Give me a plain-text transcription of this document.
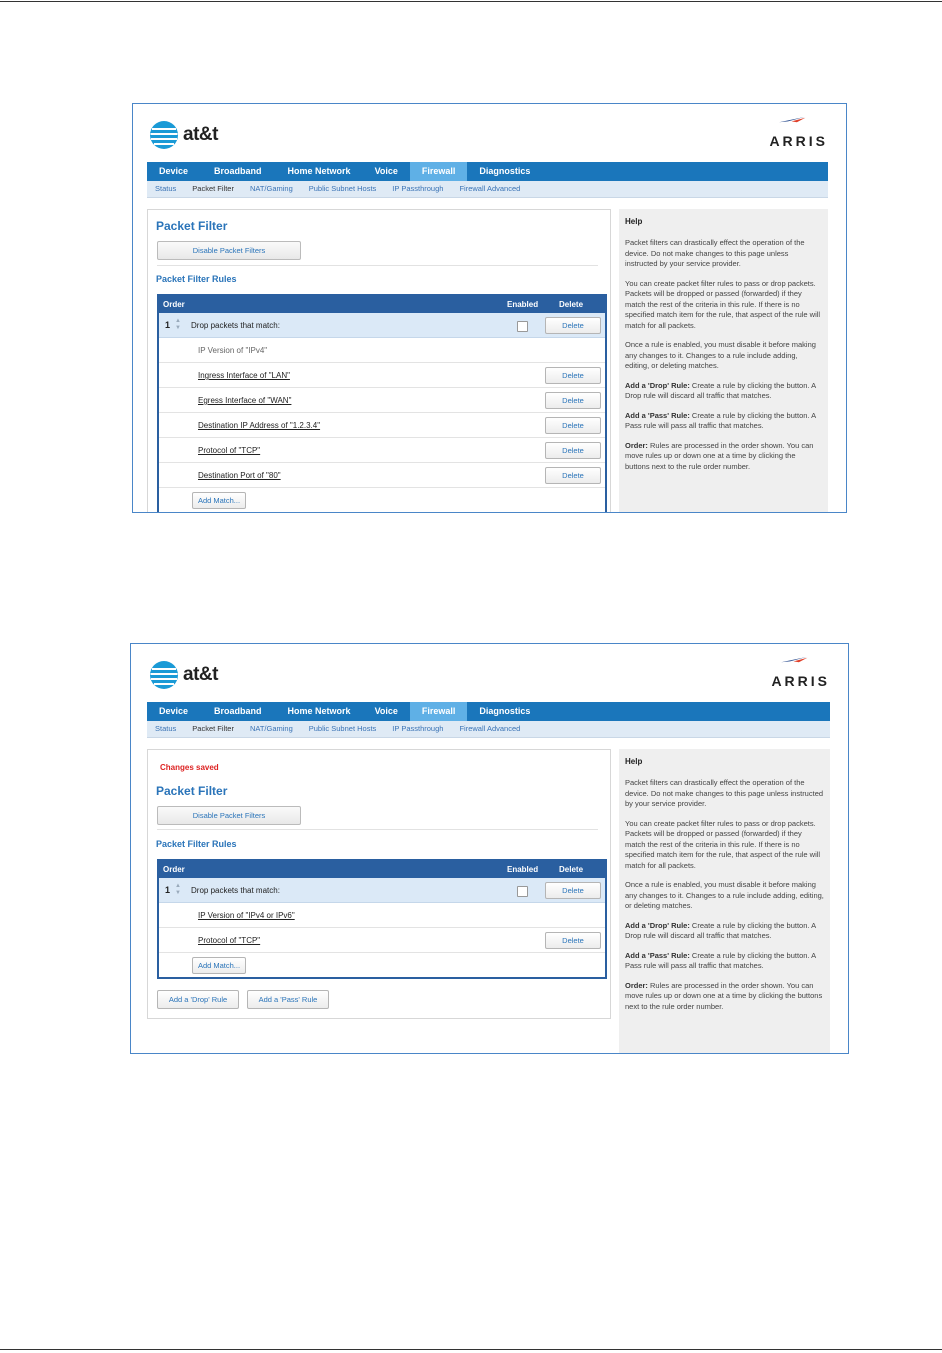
at&t	ARRIS
Device	Broadband	Home Network	Voice	Firewall	Diagnostics
Status	Packet Filter	NAT/Gaming	Public Subnet Hosts	IP Passthrough	Firewall Advanced
Packet Filter
Disable Packet Filters
Packet Filter Rules
Order	Enabled	Delete
1 ▲
▼ Drop packets that match:	Delete
IP Version of "IPv4"
Ingress Interface of "LAN"	Delete
Egress Interface of "WAN"	Delete
Destination IP Address of "1.2.3.4"	Delete
Protocol of "TCP"	Delete
Destination Port of "80"	Delete
Add Match...
Help

Packet filters can drastically effect the operation of the device. Do not make changes to this page unless instructed by your service provider.

You can create packet filter rules to pass or drop packets. Packets will be dropped or passed (forwarded) if they match the rest of the criteria in this rule. If there is no specified match item for the rule, that aspect of the rule will match for all packets.

Once a rule is enabled, you must disable it before making any changes to it. Changes to a rule include adding, editing, or deleting matches.

Add a 'Drop' Rule: Create a rule by clicking the button. A Drop rule will discard all traffic that matches.

Add a 'Pass' Rule: Create a rule by clicking the button. A Pass rule will pass all traffic that matches.

Order: Rules are processed in the order shown. You can move rules up or down one at a time by clicking the buttons next to the rule order number.

at&t	ARRIS
Device	Broadband	Home Network	Voice	Firewall	Diagnostics
Status	Packet Filter	NAT/Gaming	Public Subnet Hosts	IP Passthrough	Firewall Advanced
Changes saved
Packet Filter
Disable Packet Filters
Packet Filter Rules
Order	Enabled	Delete
1 ▲
▼ Drop packets that match:	Delete
IP Version of "IPv4 or IPv6"
Protocol of "TCP"	Delete
Add Match...
Add a 'Drop' Rule	Add a 'Pass' Rule
Help

Packet filters can drastically effect the operation of the device. Do not make changes to this page unless instructed by your service provider.

You can create packet filter rules to pass or drop packets. Packets will be dropped or passed (forwarded) if they match the rest of the criteria in this rule. If there is no specified match item for the rule, that aspect of the rule will match for all packets.

Once a rule is enabled, you must disable it before making any changes to it. Changes to a rule include adding, editing, or deleting matches.

Add a 'Drop' Rule: Create a rule by clicking the button. A Drop rule will discard all traffic that matches.

Add a 'Pass' Rule: Create a rule by clicking the button. A Pass rule will pass all traffic that matches.

Order: Rules are processed in the order shown. You can move rules up or down one at a time by clicking the buttons next to the rule order number.
